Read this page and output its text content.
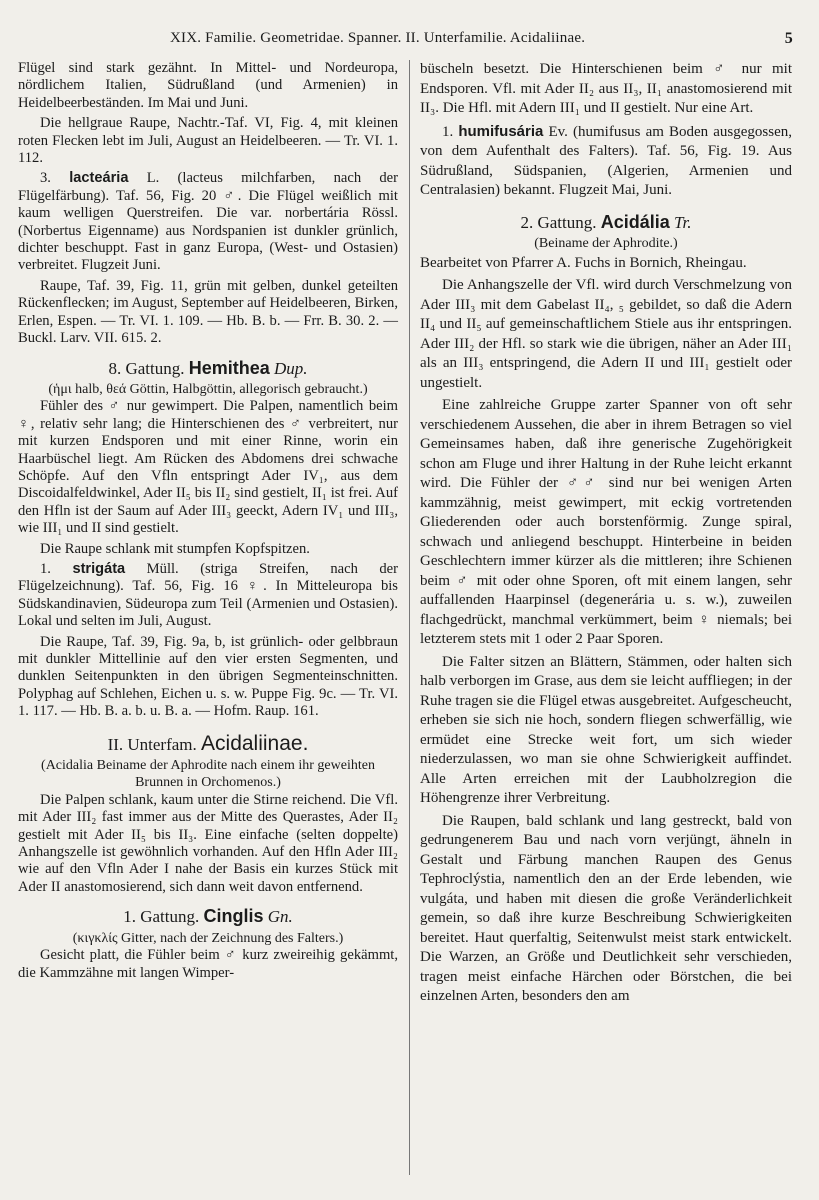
XIX. Familie. Geometridae. Spanner. II. Unterfamilie. Acidaliinae.	5

Flügel sind stark gezähnt. In Mittel- und Nordeuropa, nördlichem Italien, Südrußland (und Armenien) in Heidelbeerbeständen. Im Mai und Juni.

Die hellgraue Raupe, Nachtr.-Taf. VI, Fig. 4, mit kleinen roten Flecken lebt im Juli, August an Heidelbeeren. — Tr. VI. 1. 112.

3. lacteária L. (lacteus milchfarben, nach der Flügelfärbung). Taf. 56, Fig. 20 ♂. Die Flügel weißlich mit kaum welligen Querstreifen. Die var. norbertária Rössl. (Norbertus Eigenname) aus Nordspanien ist dunkler grünlich, dichter beschuppt. Fast in ganz Europa, (West- und Ostasien) verbreitet. Flugzeit Juni.

Raupe, Taf. 39, Fig. 11, grün mit gelben, dunkel geteilten Rückenflecken; im August, September auf Heidelbeeren, Birken, Erlen, Espen. — Tr. VI. 1. 109. — Hb. B. b. — Frr. B. 30. 2. — Buckl. Larv. VII. 615. 2.

8. Gattung. Hemithea Dup.
(ἡμι halb, θεά Göttin, Halbgöttin, allegorisch gebraucht.)

Fühler des ♂ nur gewimpert. Die Palpen, namentlich beim ♀, relativ sehr lang; die Hinterschienen des ♂ verbreitert, nur mit kurzen Endsporen und mit einer Rinne, worin ein Haarbüschel liegt. Am Rücken des Abdomens drei schwache Schöpfe. Auf den Vfln entspringt Ader IV₁, aus dem Discoidalfeldwinkel, Ader II₅ bis II₂ sind gestielt, II₁ ist frei. Auf den Hfln ist der Saum auf Ader III₃ geeckt, Adern IV₁ und III₃, wie III₁ und II sind gestielt.

Die Raupe schlank mit stumpfen Kopfspitzen.

1. strigáta Müll. (striga Streifen, nach der Flügelzeichnung). Taf. 56, Fig. 16 ♀. In Mitteleuropa bis Südskandinavien, Südeuropa zum Teil (Armenien und Ostasien). Lokal und selten im Juli, August.

Die Raupe, Taf. 39, Fig. 9a, b, ist grünlich- oder gelbbraun mit dunkler Mittellinie auf den vier ersten Segmenten, und dunklen Seitenpunkten in den übrigen Segmenteinschnitten. Polyphag auf Schlehen, Eichen u. s. w. Puppe Fig. 9c. — Tr. VI. 1. 117. — Hb. B. a. b. u. B. a. — Hofm. Raup. 161.

II. Unterfam. Acidaliinae.
(Acidalia Beiname der Aphrodite nach einem ihr geweihten Brunnen in Orchomenos.)

Die Palpen schlank, kaum unter die Stirne reichend. Die Vfl. mit Ader III₂ fast immer aus der Mitte des Querastes, Ader II₂ gestielt mit Ader II₅ bis II₃. Eine einfache (selten doppelte) Anhangszelle ist gewöhnlich vorhanden. Auf den Hfln Ader III₂ wie auf den Vfln Ader I nahe der Basis ein kurzes Stück mit Ader II anastomosierend, sich dann weit davon entfernend.

1. Gattung. Cinglis Gn.
(κιγκλίς Gitter, nach der Zeichnung des Falters.)

Gesicht platt, die Fühler beim ♂ kurz zweireihig gekämmt, die Kammzähne mit langen Wimper-

büscheln besetzt. Die Hinterschienen beim ♂ nur mit Endsporen. Vfl. mit Ader II₂ aus II₃, II₁ anastomosierend mit II₃. Die Hfl. mit Adern III₁ und II gestielt. Nur eine Art.

1. humifusária Ev. (humifusus am Boden ausgegossen, von dem Aufenthalt des Falters). Taf. 56, Fig. 19. Aus Südrußland, Südspanien, (Algerien, Armenien und Centralasien) bekannt. Flugzeit Mai, Juni.

2. Gattung. Acidália Tr.
(Beiname der Aphrodite.)

Bearbeitet von Pfarrer A. Fuchs in Bornich, Rheingau.

Die Anhangszelle der Vfl. wird durch Verschmelzung von Ader III₃ mit dem Gabelast II₄, ₅ gebildet, so daß die Adern II₄ und II₅ auf gemeinschaftlichem Stiele aus ihr entspringen. Ader III₂ der Hfl. so stark wie die übrigen, näher an Ader III₁ als an III₃ entspringend, die Adern II und III₁ gestielt oder ungestielt.

Eine zahlreiche Gruppe zarter Spanner von oft sehr verschiedenem Aussehen, die aber in ihrem Betragen so viel Gemeinsames haben, daß ihre generische Zugehörigkeit schon am Fluge und ihrer Haltung in der Ruhe leicht erkannt wird. Die Fühler der ♂♂ sind nur bei wenigen Arten kammzähnig, meist gewimpert, mit eckig vortretenden Gliederenden oder auch borstenförmig. Zunge spiral, schwach und anliegend beschuppt. Hinterbeine in beiden Geschlechtern immer kürzer als die mittleren; ihre Schienen beim ♂ mit oder ohne Sporen, oft mit einem langen, sehr auffallenden Haarpinsel (degenerária u. s. w.), zuweilen flachgedrückt, manchmal verkümmert, beim ♀ niemals; bei letzterem stets mit 1 oder 2 Paar Sporen.

Die Falter sitzen an Blättern, Stämmen, oder halten sich halb verborgen im Grase, aus dem sie leicht auffliegen; in der Ruhe tragen sie die Flügel etwas ausgebreitet. Aufgescheucht, erheben sie sich nie hoch, sondern fliegen schwerfällig, wie ermüdet eine Strecke weit fort, um sich wieder niederzulassen, wo man sie ohne Schwierigkeit auffindet. Alle Arten erreichen mit der Laubholzregion die Höhengrenze ihrer Verbreitung.

Die Raupen, bald schlank und lang gestreckt, bald von gedrungenerem Bau und nach vorn verjüngt, ähneln in Gestalt und Färbung manchen Raupen des Genus Tephroclýstia, namentlich den an der Erde lebenden, wie vulgáta, und haben mit diesen die große Veränderlichkeit gemein, so daß ihre kurze Beschreibung Schwierigkeiten bereitet. Haut querfaltig, Seitenwulst meist stark entwickelt. Die Warzen, an Größe und Deutlichkeit sehr verschieden, tragen meist einfache Härchen oder Börstchen, die bei einzelnen Arten, besonders den am
